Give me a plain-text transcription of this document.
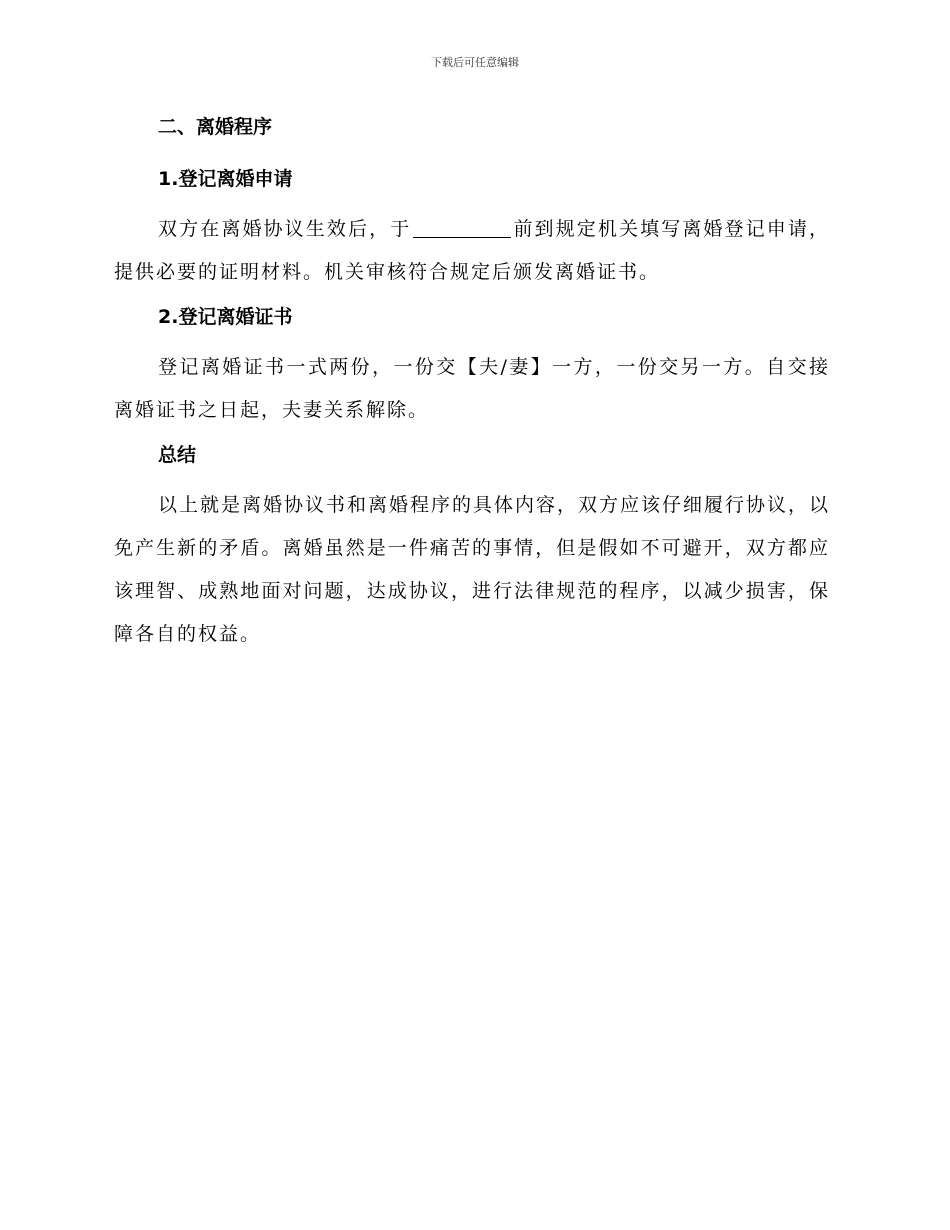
下载后可任意编辑
二、离婚程序
1.登记离婚申请

双方在离婚协议生效后，于	前到规定机关填写离婚登记申请，提供必要的证明材料。机关审核符合规定后颁发离婚证书。

2.登记离婚证书

登记离婚证书一式两份，一份交【夫/妻】一方，一份交另一方。自交接离婚证书之日起，夫妻关系解除。

总结

以上就是离婚协议书和离婚程序的具体内容，双方应该仔细履行协议，以免产生新的矛盾。离婚虽然是一件痛苦的事情，但是假如不可避开，双方都应该理智、成熟地面对问题，达成协议，进行法律规范的程序，以减少损害，保障各自的权益。
